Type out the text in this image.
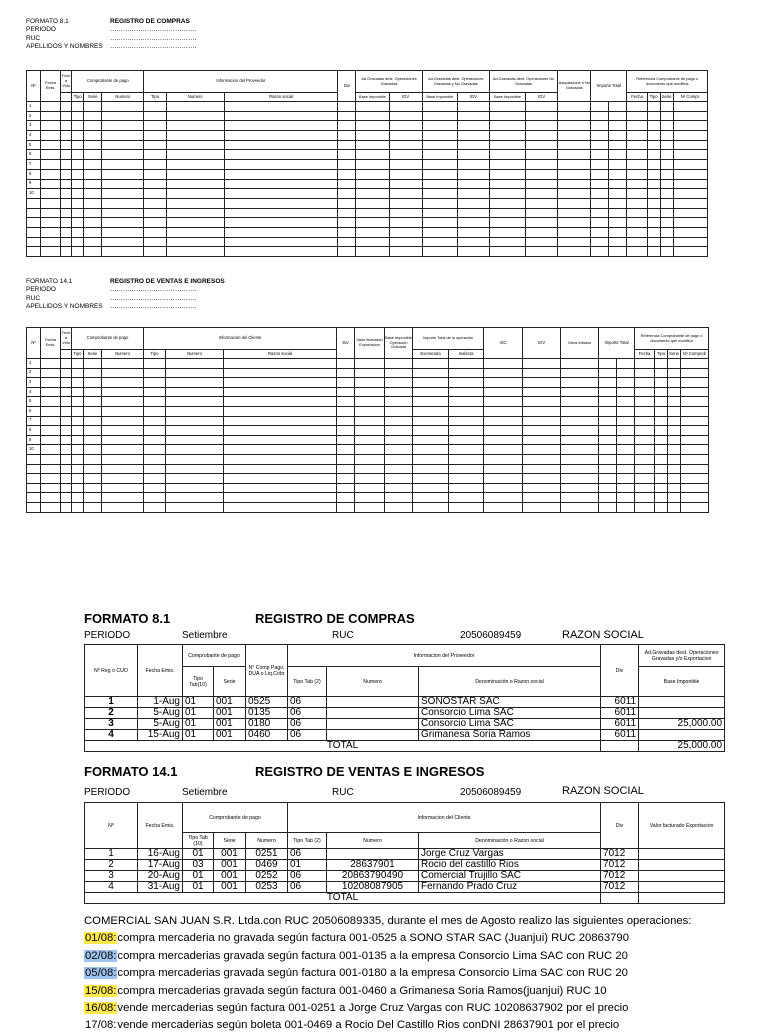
FORMATO 8.1	REGISTRO DE COMPRAS
PERIODO	………………………………….
RUC	………………………………….
APELLIDOS Y NOMBRES	………………………………….
Nº	Fecha Emis.	Fech a Vcto	Comprobante de pago			Informacion del Proveedor			Div	Ad.Gravadas dest. Operaciones Gravadas		Ad.Gravadas dest. Operaciones Gravadas y No Gravadas		Ad.Gravadas dest. Operaciones No Gravadas		Adquisicione s No Gravadas	Importe Total		Referencia Comprobante de pago o documento que modifica			

			Tipo	Serie	Numero	Tipo	Numero	Razon social		Base Imponible	IGV	Base Imponible	IGV	Base Imponible	IGV				Fecha	Tipo	Serie	Nº Compr.
1																						
2																						
3																						
4																						
5																						
6																						
7																						
8																						
9																						
10																						

FORMATO 14.1	REGISTRO DE VENTAS E INGRESOS
PERIODO	………………………………….
RUC	………………………………….
APELLIDOS Y NOMBRES	………………………………….
Nº	Fecha Emis.	Fech a Vcto	Comprobante de pago			Informacion del Cliente			Div	Valor facturado Exportacion	Base Imponible Operación Gravada	Importe Total de la operación		ISC	IGV	Otros tributos	Importe Total		Referencia Comprobante de pago o documento que modifica			

			Tipo	Serie	Numero	Tipo	Numero	Razon social				Exonerada	Inafecta						Fecha	Tipo	Serie	Nº Comprob
1																						
2																						
3																						
4																						
5																						
6																						
7																						
8																						
9																						
10																						

FORMATO 8.1	REGISTRO DE COMPRAS
PERIODO	Setiembre	RUC	20506089459	RAZON SOCIAL
Nº Reg o CUO	Fecha Emis.	Comprobante de pago		N° Comp Pago, DUA o Liq.Cobr	Informacion del Proveedor			Div	Ad.Gravadas dest. Operaciones Gravadas y/o Exportacion
		Tipo Tab(10)	Serie		Tipo Tab (2)	Numero	Denominación o Razon social		Base Imponible
1	1-Aug	01	001	0525	06		SONOSTAR SAC	6011	
2	5-Aug	01	001	0135	06		Consorcio Lima SAC	6011	
3	5-Aug	01	001	0180	06		Consorcio Lima SAC	6011	25,000.00
4	15-Aug	01	001	0460	06		Grimanesa Soria Ramos	6011	
TOTAL									25,000.00
FORMATO 14.1	REGISTRO DE VENTAS E INGRESOS
PERIODO	Setiembre	RUC	20506089459	RAZON SOCIAL
Nº	Fecha Emis.	Comprobante de pago			Informacion del Cliente			Div	Valor facturado Exportacion
		Tipo Tab (10)	Serie	Numero	Tipo Tab (2)	Numero	Denominación o Razon social		
1	16-Aug	01	001	0251	06		Jorge Cruz Vargas	7012	
2	17-Aug	03	001	0469	01	28637901	Rocio del castillo Rios	7012	
3	20-Aug	01	001	0252	06	20863790490	Comercial Trujillo SAC	7012	
4	31-Aug	01	001	0253	06	10208087905	Fernando Prado Cruz	7012	
TOTAL									
COMERCIAL SAN JUAN S.R. Ltda.con RUC 20506089335, durante el mes de Agosto realizo las siguientes operaciones:
01/08:compra mercaderia no gravada según factura 001-0525 a SONO STAR SAC (Juanjui) RUC 20863790
02/08:compra mercaderias gravada según factura 001-0135 a la empresa Consorcio Lima SAC con RUC 20
05/08:compra mercaderias gravada según factura 001-0180 a la empresa Consorcio Lima SAC con RUC 20
15/08:compra mercaderias gravada según factura 001-0460 a Grimanesa Soria Ramos(juanjui) RUC 10
16/08:vende mercaderias según factura 001-0251 a Jorge Cruz Vargas con RUC 10208637902 por el precio
17/08:vende mercaderias según boleta 001-0469 a Rocio Del Castillo Rios conDNI 28637901 por el precio
